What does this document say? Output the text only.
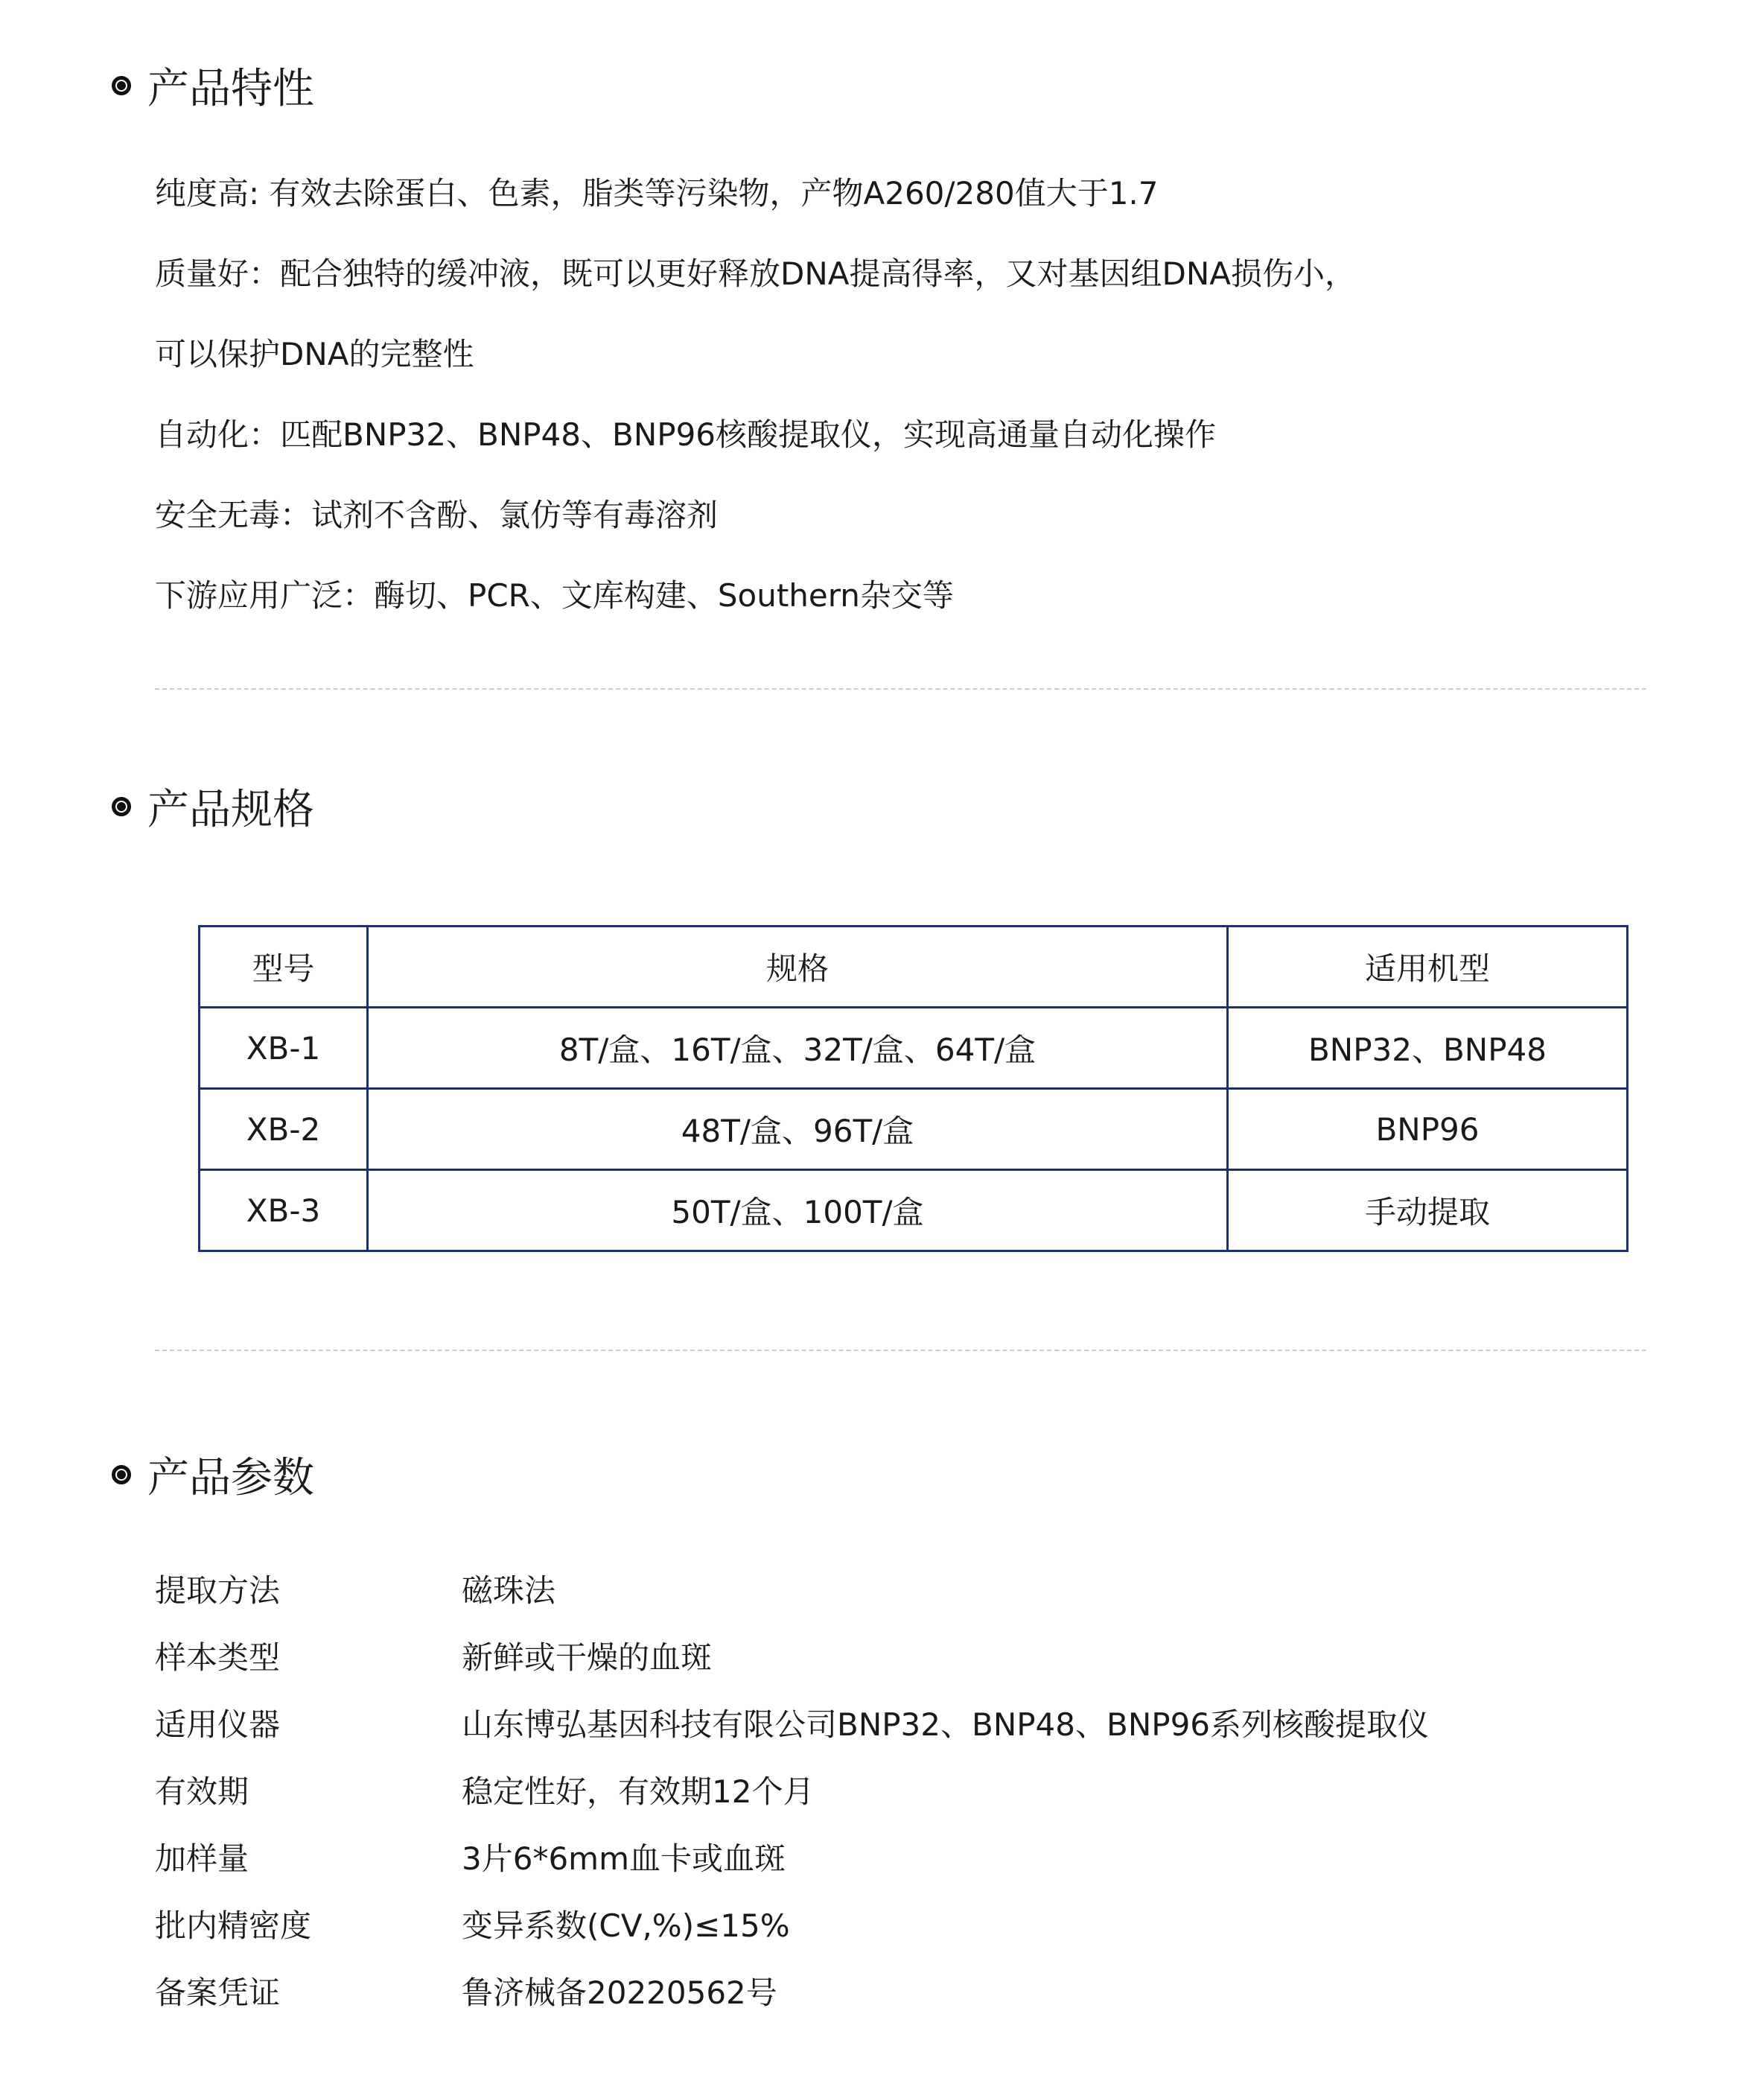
产品特性
纯度高: 有效去除蛋白、色素，脂类等污染物，产物A260/280值大于1.7
质量好：配合独特的缓冲液，既可以更好释放DNA提高得率，又对基因组DNA损伤小，
可以保护DNA的完整性
自动化：匹配BNP32、BNP48、BNP96核酸提取仪，实现高通量自动化操作
安全无毒：试剂不含酚、氯仿等有毒溶剂
下游应用广泛：酶切、PCR、文库构建、Southern杂交等
产品规格
型号	规格	适用机型
XB-1	8T/盒、16T/盒、32T/盒、64T/盒	BNP32、BNP48
XB-2	48T/盒、96T/盒	BNP96
XB-3	50T/盒、100T/盒	手动提取
产品参数
提取方法	磁珠法
样本类型	新鲜或干燥的血斑
适用仪器	山东博弘基因科技有限公司BNP32、BNP48、BNP96系列核酸提取仪
有效期	稳定性好，有效期12个月
加样量	3片6*6mm血卡或血斑
批内精密度	变异系数(CV,%)≤15%
备案凭证	鲁济械备20220562号
